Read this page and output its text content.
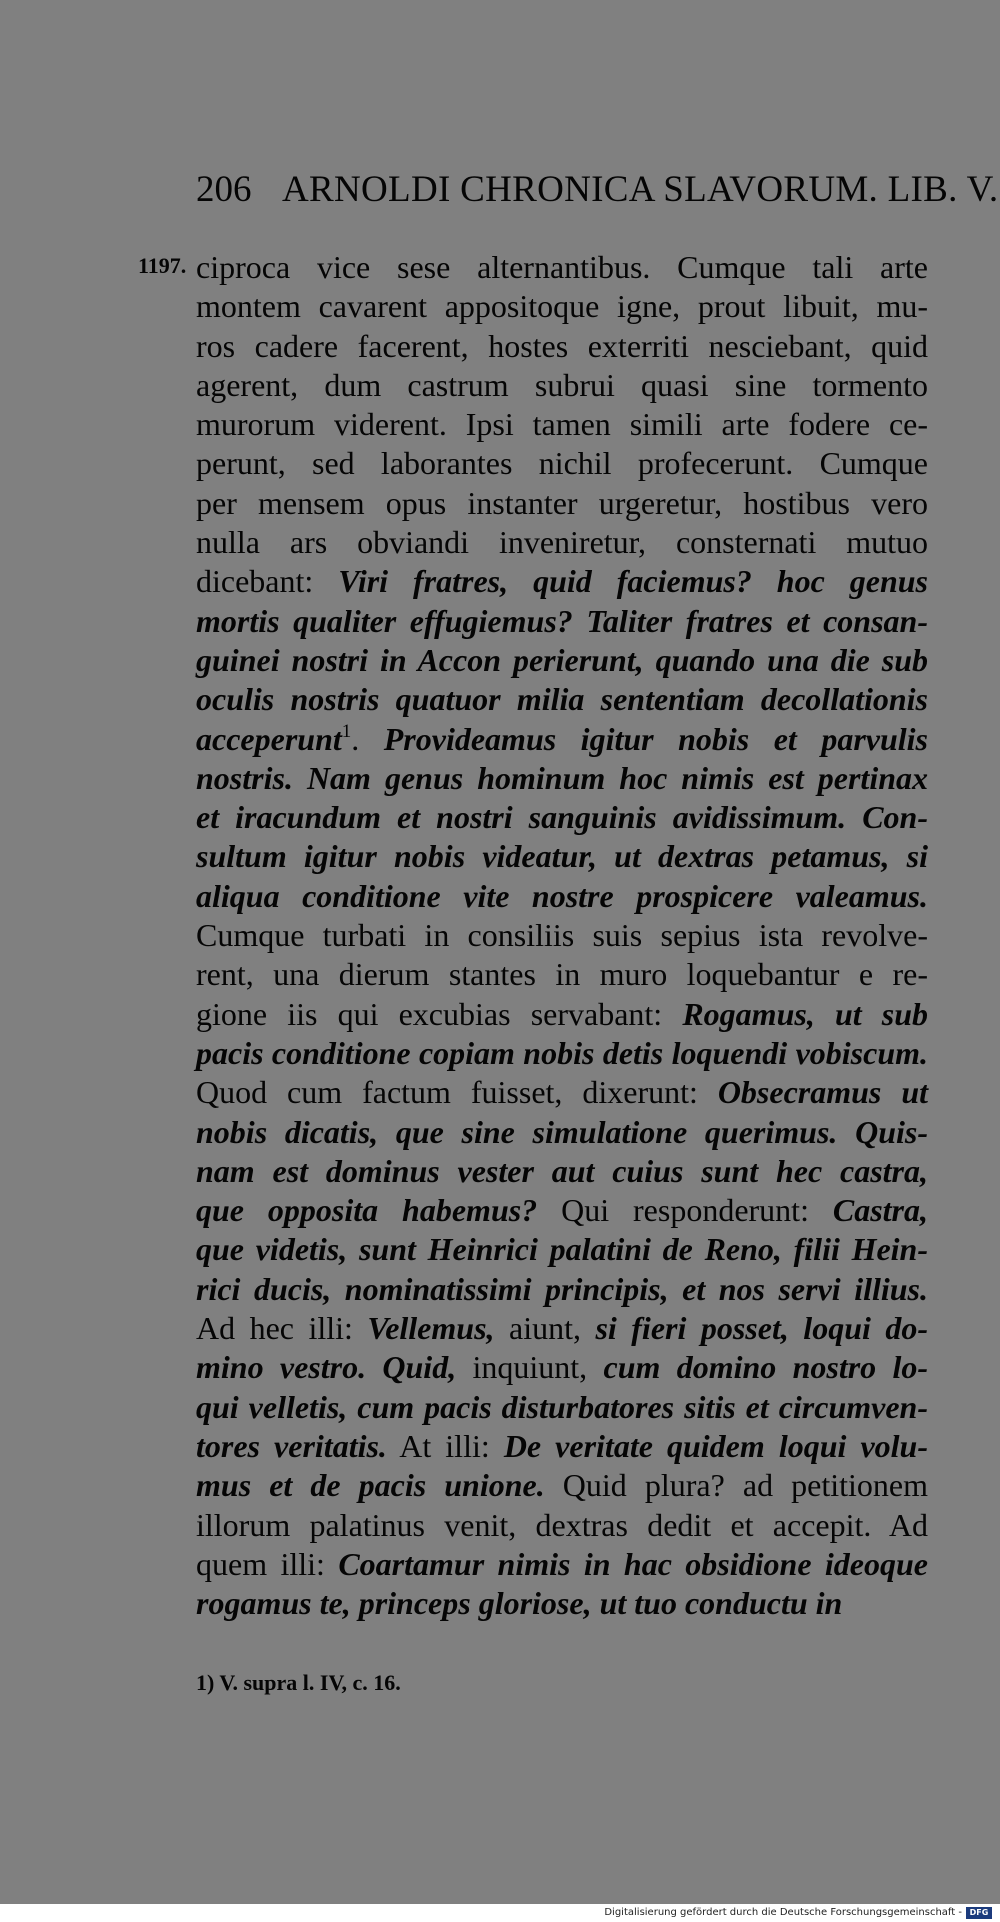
206 ARNOLDI CHRONICA SLAVORUM. LIB. V.
1197. ciproca vice sese alternantibus. Cumque tali arte
montem cavarent appositoque igne, prout libuit, mu-
ros cadere facerent, hostes exterriti nesciebant, quid
agerent, dum castrum subrui quasi sine tormento
murorum viderent. Ipsi tamen simili arte fodere ce-
perunt, sed laborantes nichil profecerunt. Cumque
per mensem opus instanter urgeretur, hostibus vero
nulla ars obviandi inveniretur, consternati mutuo
dicebant: Viri fratres, quid faciemus? hoc genus
mortis qualiter effugiemus? Taliter fratres et consan-
guinei nostri in Accon perierunt, quando una die sub
oculis nostris quatuor milia sententiam decollationis
acceperunt$^1$. Provideamus igitur nobis et parvulis
nostris. Nam genus hominum hoc nimis est pertinax
et iracundum et nostri sanguinis avidissimum. Con-
sultum igitur nobis videatur, ut dextras petamus, si
aliqua conditione vite nostre prospicere valeamus.
Cumque turbati in consiliis suis sepius ista revolve-
rent, una dierum stantes in muro loquebantur e re-
gione iis qui excubias servabant: Rogamus, ut sub
pacis conditione copiam nobis detis loquendi vobiscum.
Quod cum factum fuisset, dixerunt: Obsecramus ut
nobis dicatis, que sine simulatione querimus. Quis-
nam est dominus vester aut cuius sunt hec castra,
que opposita habemus? Qui responderunt: Castra,
que videtis, sunt Heinrici palatini de Reno, filii Hein-
rici ducis, nominatissimi principis, et nos servi illius.
Ad hec illi: Vellemus, aiunt, si fieri posset, loqui do-
mino vestro. Quid, inquiunt, cum domino nostro lo-
qui velletis, cum pacis disturbatores sitis et circumven-
tores veritatis. At illi: De veritate quidem loqui volu-
mus et de pacis unione. Quid plura? ad petitionem
illorum palatinus venit, dextras dedit et accepit. Ad
quem illi: Coartamur nimis in hac obsidione ideoque
rogamus te, princeps gloriose, ut tuo conductu in
1) V. supra l. IV, c. 16.
Digitalisierung gefördert durch die Deutsche Forschungsgemeinschaft - DFG
